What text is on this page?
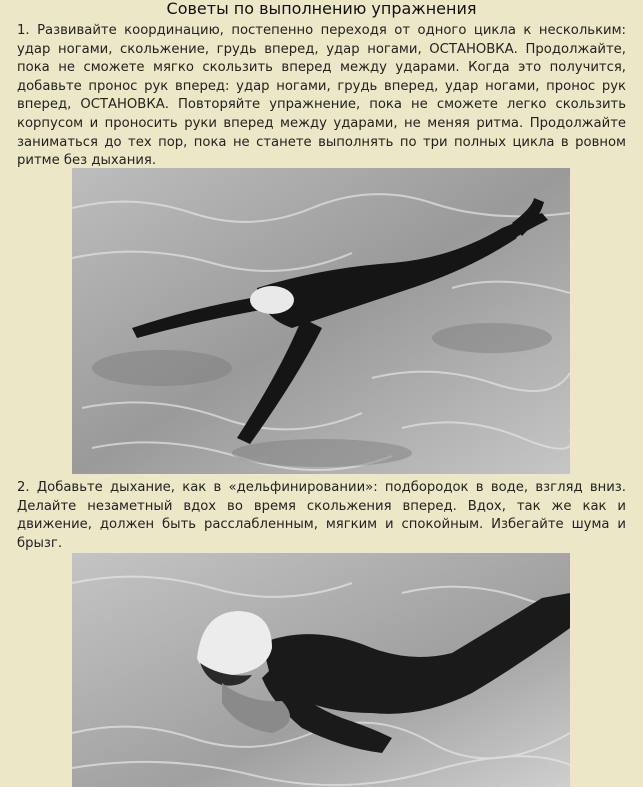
Советы по выполнению упражнения

1. Развивайте координацию, постепенно переходя от одного цикла к нескольким: удар ногами, скольжение, грудь вперед, удар ногами, ОСТАНОВКА. Продолжайте, пока не сможете мягко скользить вперед между ударами. Когда это получится, добавьте пронос рук вперед: удар ногами, грудь вперед, удар ногами, пронос рук вперед, ОСТАНОВКА. Повторяйте упражнение, пока не сможете легко скользить корпусом и проносить руки вперед между ударами, не меняя ритма. Продолжайте заниматься до тех пор, пока не станете выполнять по три полных цикла в ровном ритме без дыхания.

2. Добавьте дыхание, как в «дельфинировании»: подбородок в воде, взгляд вниз. Делайте незаметный вдох во время скольжения вперед. Вдох, так же как и движение, должен быть расслабленным, мягким и спокойным. Избегайте шума и брызг.
